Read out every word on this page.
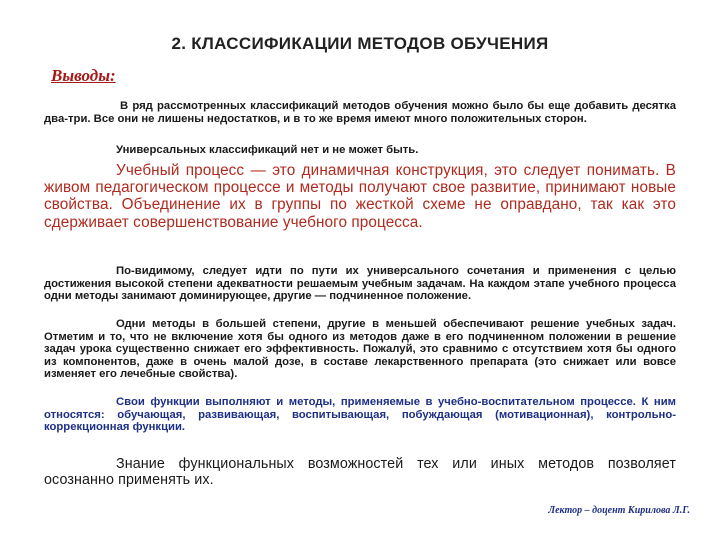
2. КЛАССИФИКАЦИИ МЕТОДОВ ОБУЧЕНИЯ
Выводы:

В ряд рассмотренных классификаций методов обучения можно было бы еще добавить десятка два-три. Все они не лишены недостатков, и в то же время имеют много положительных сторон.

Универсальных классификаций нет и не может быть.

Учебный процесс — это динамичная конструкция, это следует понимать. В живом педагогическом процессе и методы получают свое развитие, принимают новые свойства. Объединение их в группы по жесткой схеме не оправдано, так как это сдерживает совершенствование учебного процесса.

По-видимому, следует идти по пути их универсального сочетания и применения с целью достижения высокой степени адекватности решаемым учебным задачам. На каждом этапе учебного процесса одни методы занимают доминирующее, другие — подчиненное положение.

Одни методы в большей степени, другие в меньшей обеспечивают решение учебных задач. Отметим и то, что не включение хотя бы одного из методов даже в его подчиненном положении в решение задач урока существенно снижает его эффективность. Пожалуй, это сравнимо с отсутствием хотя бы одного из компонентов, даже в очень малой дозе, в составе лекарственного препарата (это снижает или вовсе изменяет его лечебные свойства).

Свои функции выполняют и методы, применяемые в учебно-воспитательном процессе. К ним относятся: обучающая, развивающая, воспитывающая, побуждающая (мотивационная), контрольно-коррекционная функции.

Знание функциональных возможностей тех или иных методов позволяет осознанно применять их.

Лектор – доцент Кирилова Л.Г.
